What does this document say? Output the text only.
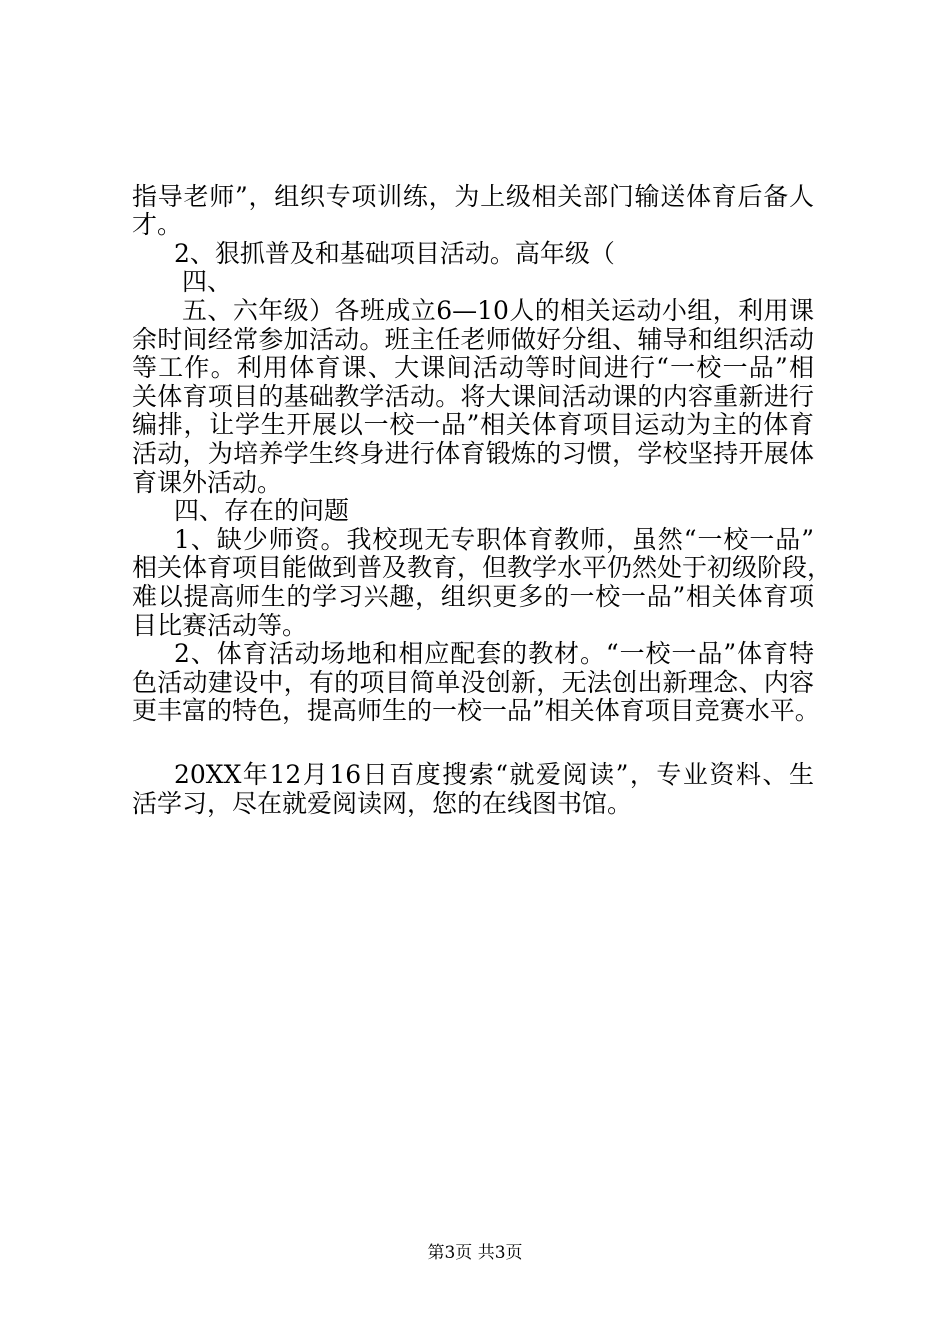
指导老师”，组织专项训练，为上级相关部门输送体育后备人
才。
2、狠抓普及和基础项目活动。高年级（
四、
五、六年级）各班成立6—10人的相关运动小组，利用课
余时间经常参加活动。班主任老师做好分组、辅导和组织活动
等工作。利用体育课、大课间活动等时间进行“一校一品”相
关体育项目的基础教学活动。将大课间活动课的内容重新进行
编排，让学生开展以一校一品”相关体育项目运动为主的体育
活动，为培养学生终身进行体育锻炼的习惯，学校坚持开展体
育课外活动。
四、存在的问题
1、缺少师资。我校现无专职体育教师，虽然“一校一品”
相关体育项目能做到普及教育，但教学水平仍然处于初级阶段，
难以提高师生的学习兴趣，组织更多的一校一品”相关体育项
目比赛活动等。
2、体育活动场地和相应配套的教材。“一校一品”体育特
色活动建设中，有的项目简单没创新，无法创出新理念、内容
更丰富的特色，提高师生的一校一品”相关体育项目竞赛水平。
20XX年12月16日百度搜索“就爱阅读”，专业资料、生
活学习，尽在就爱阅读网，您的在线图书馆。
第3页 共3页
